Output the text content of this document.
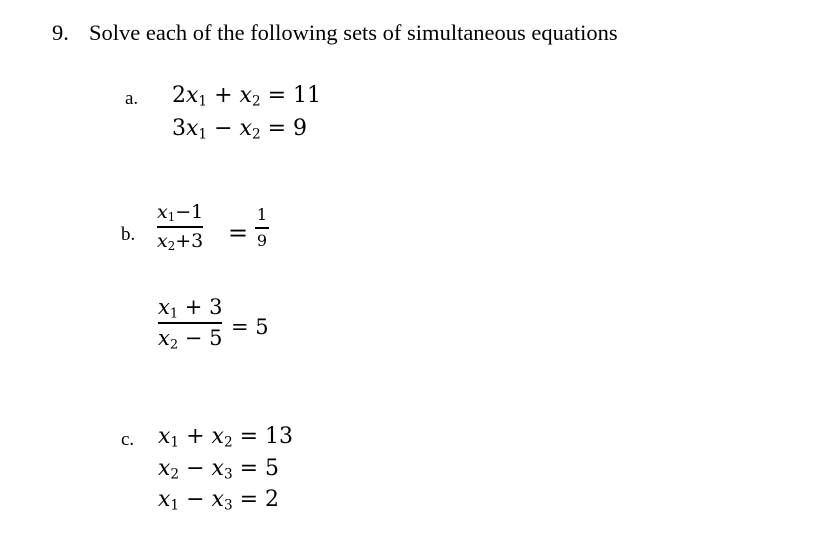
9. Solve each of the following sets of simultaneous equations
a. $2x_1 + x_2 = 11$
$3x_1 - x_2 = 9$
b.
$x_1-1$
$x_2+3$ =
1
9
$x_1 + 3$
$x_2 - 5 = 5$
c. $x_1 + x_2 = 13$
$x_2 - x_3 = 5$
$x_1 - x_3 = 2$
